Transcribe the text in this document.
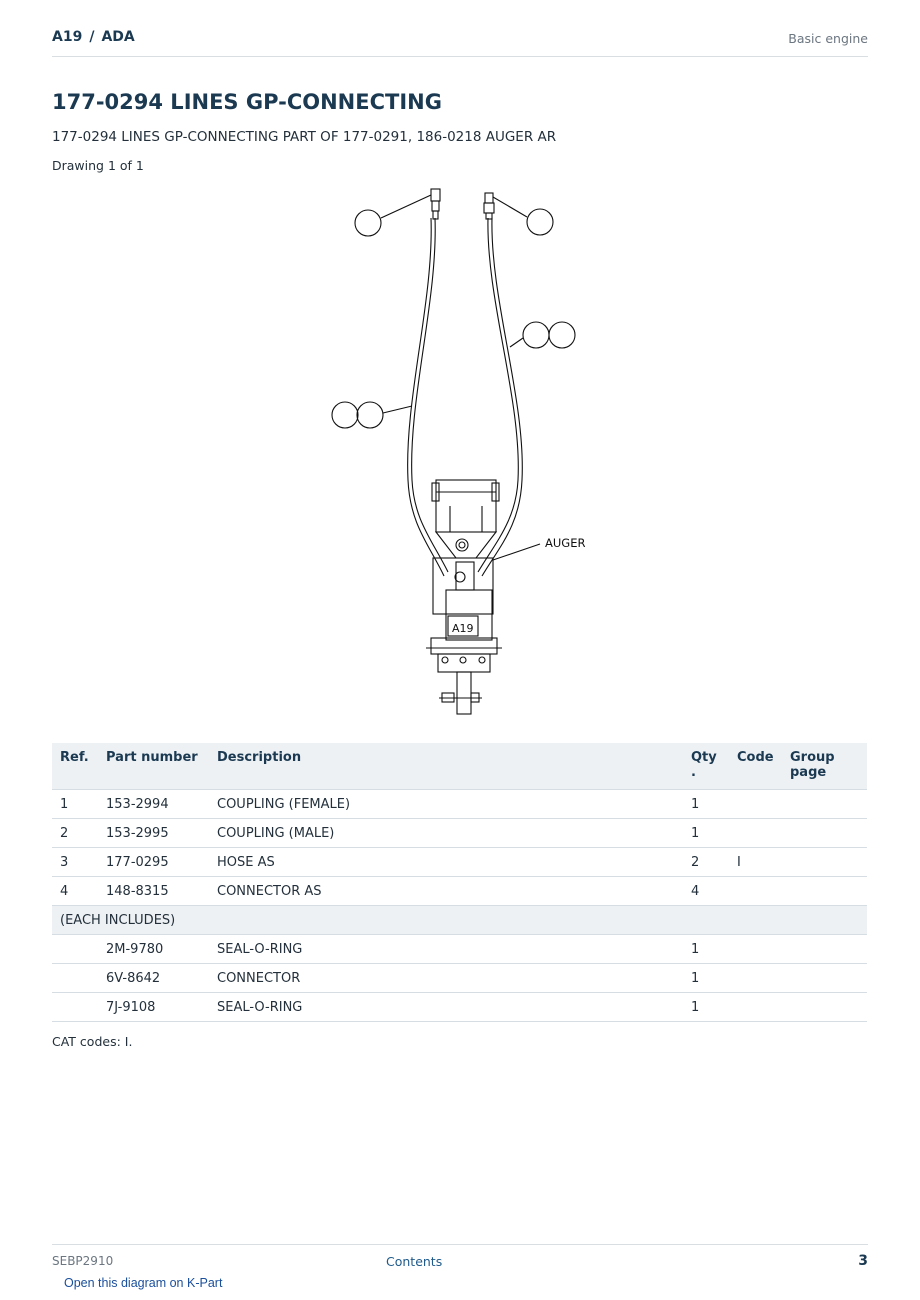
A19 / ADA	Basic engine
177-0294 LINES GP-CONNECTING
177-0294 LINES GP-CONNECTING PART OF 177-0291, 186-0218 AUGER AR
Drawing 1 of 1
AUGER
A19
Ref.	Part number	Description	Qty .	Code	Group page
1	153-2994	COUPLING (FEMALE)	1		
2	153-2995	COUPLING (MALE)	1		
3	177-0295	HOSE AS	2	I	
4	148-8315	CONNECTOR AS	4		
(EACH INCLUDES)					
	2M-9780	SEAL-O-RING	1		
	6V-8642	CONNECTOR	1		
	7J-9108	SEAL-O-RING	1		
CAT codes: I.
SEBP2910	Contents	3
Open this diagram on K-Part
